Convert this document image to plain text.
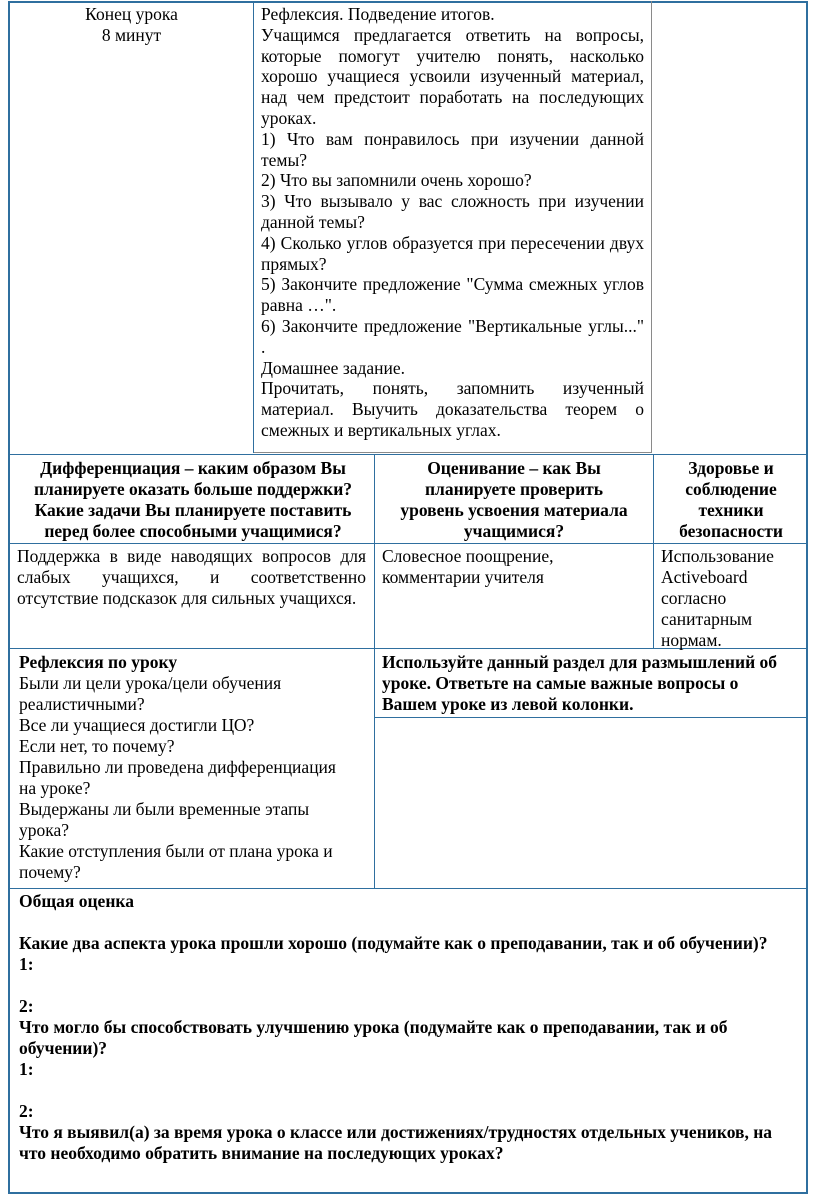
Конец урока
8 минут

Рефлексия. Подведение итогов.

Учащимся предлагается ответить на вопросы, которые помогут учителю понять, насколько хорошо учащиеся усвоили изученный материал, над чем предстоит поработать на последующих уроках.

1) Что вам понравилось при изучении данной темы?

2) Что вы запомнили очень хорошо?

3) Что вызывало у вас сложность при изучении данной темы?

4) Сколько углов образуется при пересечении двух прямых?

5) Закончите предложение "Сумма смежных углов равна …".

6) Закончите предложение "Вертикальные углы..." .

Домашнее задание.

Прочитать, понять, запомнить изученный материал. Выучить доказательства теорем о смежных и вертикальных углах.

Дифференциация – каким образом Вы планируете оказать больше поддержки? Какие задачи Вы планируете поставить перед более способными учащимися?
Оценивание – как Вы планируете проверить уровень усвоения материала учащимися?
Здоровье и соблюдение техники безопасности
Поддержка в виде наводящих вопросов для слабых учащихся, и соответственно отсутствие подсказок для сильных учащихся.
Словесное поощрение, комментарии учителя
Использование Activeboard согласно санитарным нормам.

Рефлексия по уроку

Были ли цели урока/цели обучения реалистичными?

Все ли учащиеся достигли ЦО?

Если нет, то почему?

Правильно ли проведена дифференциация на уроке?

Выдержаны ли были временные этапы урока?

Какие отступления были от плана урока и почему?

Используйте данный раздел для размышлений об уроке. Ответьте на самые важные вопросы о Вашем уроке из левой колонки.

Общая оценка

Какие два аспекта урока прошли хорошо (подумайте как о преподавании, так и об обучении)?

1:

2:

Что могло бы способствовать улучшению урока (подумайте как о преподавании, так и об обучении)?

1:

2:

Что я выявил(а) за время урока о классе или достижениях/трудностях отдельных учеников, на что необходимо обратить внимание на последующих уроках?
